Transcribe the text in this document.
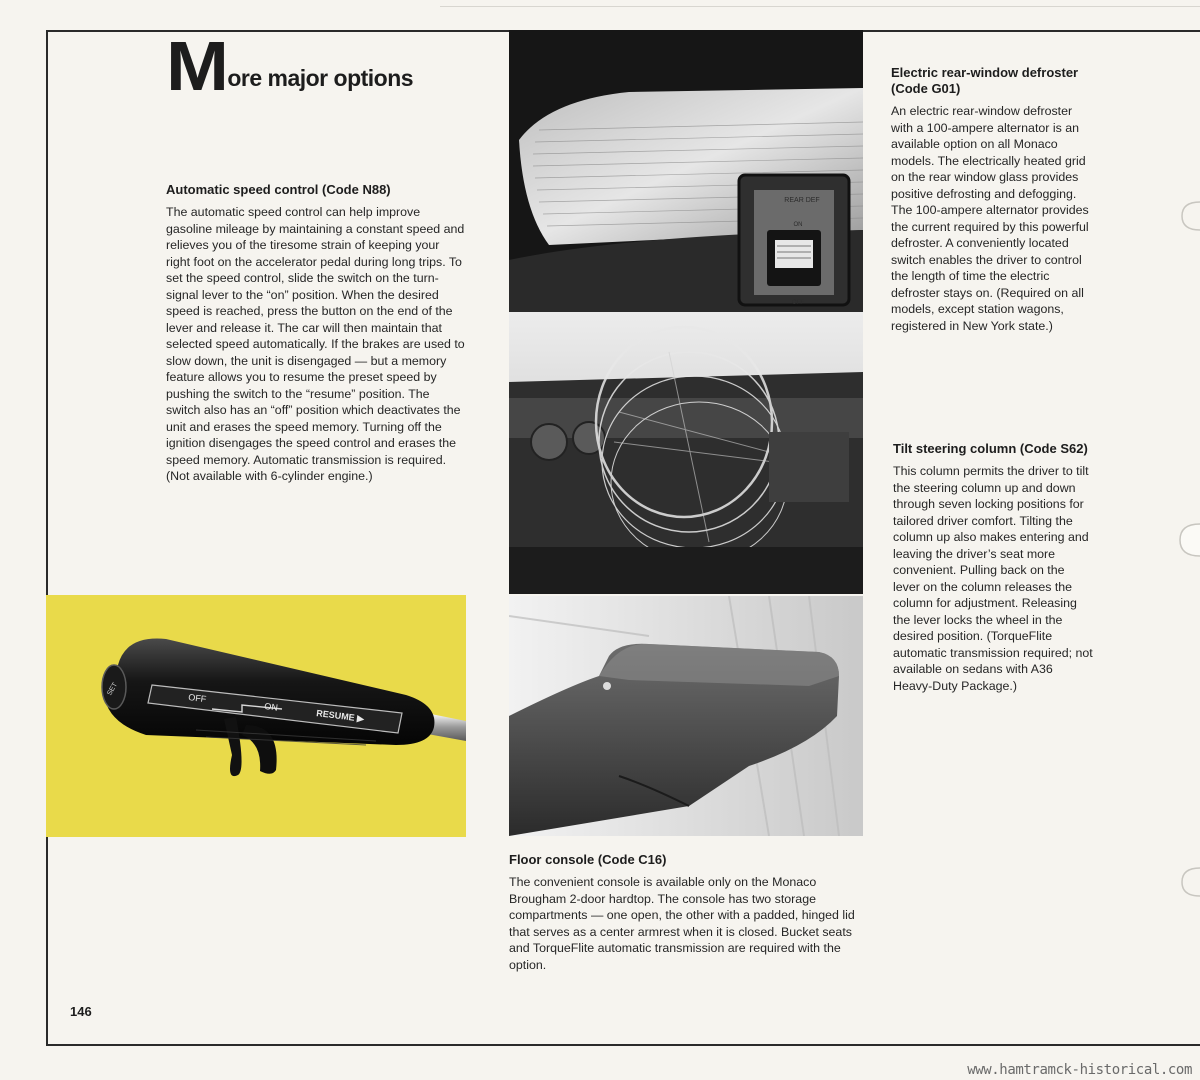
M ore major options
Automatic speed control (Code N88)

The automatic speed control can help improve gasoline mileage by maintaining a constant speed and relieves you of the tiresome strain of keeping your right foot on the accelerator pedal during long trips. To set the speed control, slide the switch on the turn-signal lever to the “on” position. When the desired speed is reached, press the button on the end of the lever and release it. The car will then maintain that selected speed automatically. If the brakes are used to slow down, the unit is disengaged — but a memory feature allows you to resume the preset speed by pushing the switch to the “resume” position. The switch also has an “off” position which deactivates the unit and erases the speed memory. Turning off the ignition disengages the speed control and erases the speed memory. Automatic transmission is required. (Not available with 6-cylinder engine.)

Electric rear-window defroster (Code G01)

An electric rear-window defroster with a 100-ampere alternator is an available option on all Monaco models. The electrically heated grid on the rear window glass provides positive defrosting and defogging. The 100-ampere alternator provides the current required by this powerful defroster. A conveniently located switch enables the driver to control the length of time the electric defroster stays on. (Required on all models, except station wagons, registered in New York state.)

Tilt steering column (Code S62)

This column permits the driver to tilt the steering column up and down through seven locking positions for tailored driver comfort. Tilting the column up also makes entering and leaving the driver’s seat more convenient. Pulling back on the lever on the column releases the column for adjustment. Releasing the lever locks the wheel in the desired position. (TorqueFlite automatic transmission required; not available on sedans with A36 Heavy-Duty Package.)

Floor console (Code C16)

The convenient console is available only on the Monaco Brougham 2-door hardtop. The console has two storage compartments — one open, the other with a padded, hinged lid that serves as a center armrest when it is closed. Bucket seats and TorqueFlite automatic transmission are required with the option.

REAR DEF
ON
OFF
OFF
ON
RESUME ▶
SET
146
www.hamtramck-historical.com
